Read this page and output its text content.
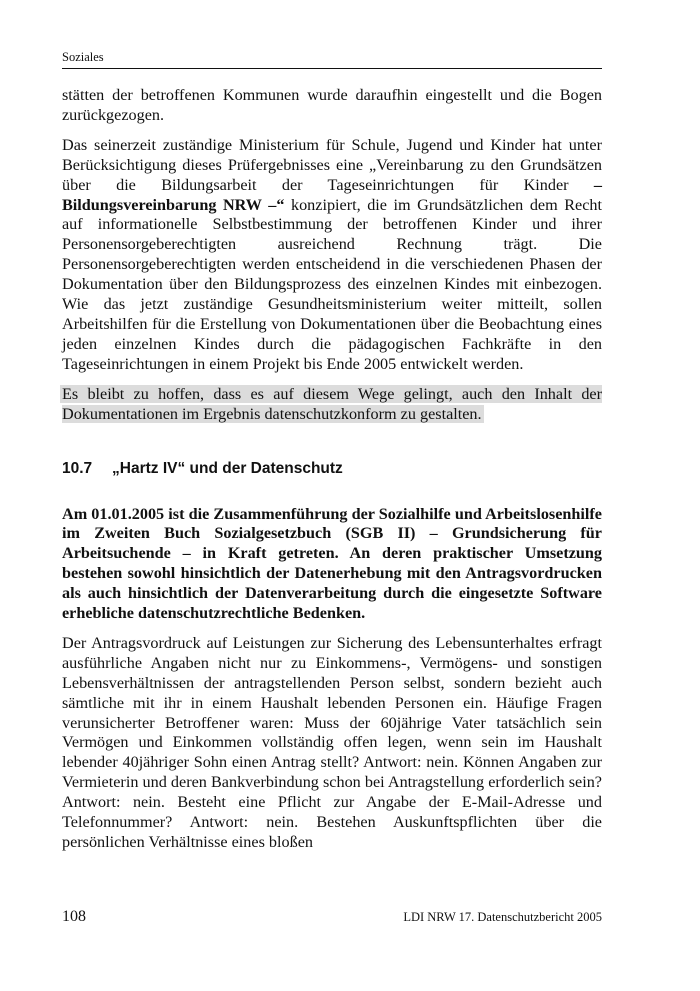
Soziales

stätten der betroffenen Kommunen wurde daraufhin eingestellt und die Bogen zurückgezogen.

Das seinerzeit zuständige Ministerium für Schule, Jugend und Kinder hat unter Berücksichtigung dieses Prüfergebnisses eine „Vereinbarung zu den Grundsätzen über die Bildungsarbeit der Tageseinrichtungen für Kinder – Bildungsvereinbarung NRW –“ konzipiert, die im Grundsätzlichen dem Recht auf informationelle Selbstbestimmung der betroffenen Kinder und ihrer Personensorgeberechtigten ausreichend Rechnung trägt. Die Personensorgeberechtigten werden entscheidend in die verschiedenen Phasen der Dokumentation über den Bildungsprozess des einzelnen Kindes mit einbezogen. Wie das jetzt zuständige Gesundheitsministerium weiter mitteilt, sollen Arbeitshilfen für die Erstellung von Dokumentationen über die Beobachtung eines jeden einzelnen Kindes durch die pädagogischen Fachkräfte in den Tageseinrichtungen in einem Projekt bis Ende 2005 entwickelt werden.

Es bleibt zu hoffen, dass es auf diesem Wege gelingt, auch den Inhalt der Dokumentationen im Ergebnis datenschutzkonform zu gestalten.

10.7 „Hartz IV“ und der Datenschutz

Am 01.01.2005 ist die Zusammenführung der Sozialhilfe und Arbeitslosenhilfe im Zweiten Buch Sozialgesetzbuch (SGB II) – Grundsicherung für Arbeitsuchende – in Kraft getreten. An deren praktischer Umsetzung bestehen sowohl hinsichtlich der Datenerhebung mit den Antragsvordrucken als auch hinsichtlich der Datenverarbeitung durch die eingesetzte Software erhebliche datenschutzrechtliche Bedenken.

Der Antragsvordruck auf Leistungen zur Sicherung des Lebensunterhaltes erfragt ausführliche Angaben nicht nur zu Einkommens-, Vermögens- und sonstigen Lebensverhältnissen der antragstellenden Person selbst, sondern bezieht auch sämtliche mit ihr in einem Haushalt lebenden Personen ein. Häufige Fragen verunsicherter Betroffener waren: Muss der 60jährige Vater tatsächlich sein Vermögen und Einkommen vollständig offen legen, wenn sein im Haushalt lebender 40jähriger Sohn einen Antrag stellt? Antwort: nein. Können Angaben zur Vermieterin und deren Bankverbindung schon bei Antragstellung erforderlich sein? Antwort: nein. Besteht eine Pflicht zur Angabe der E-Mail-Adresse und Telefonnummer? Antwort: nein. Bestehen Auskunftspflichten über die persönlichen Verhältnisse eines bloßen

108	LDI NRW 17. Datenschutzbericht 2005
